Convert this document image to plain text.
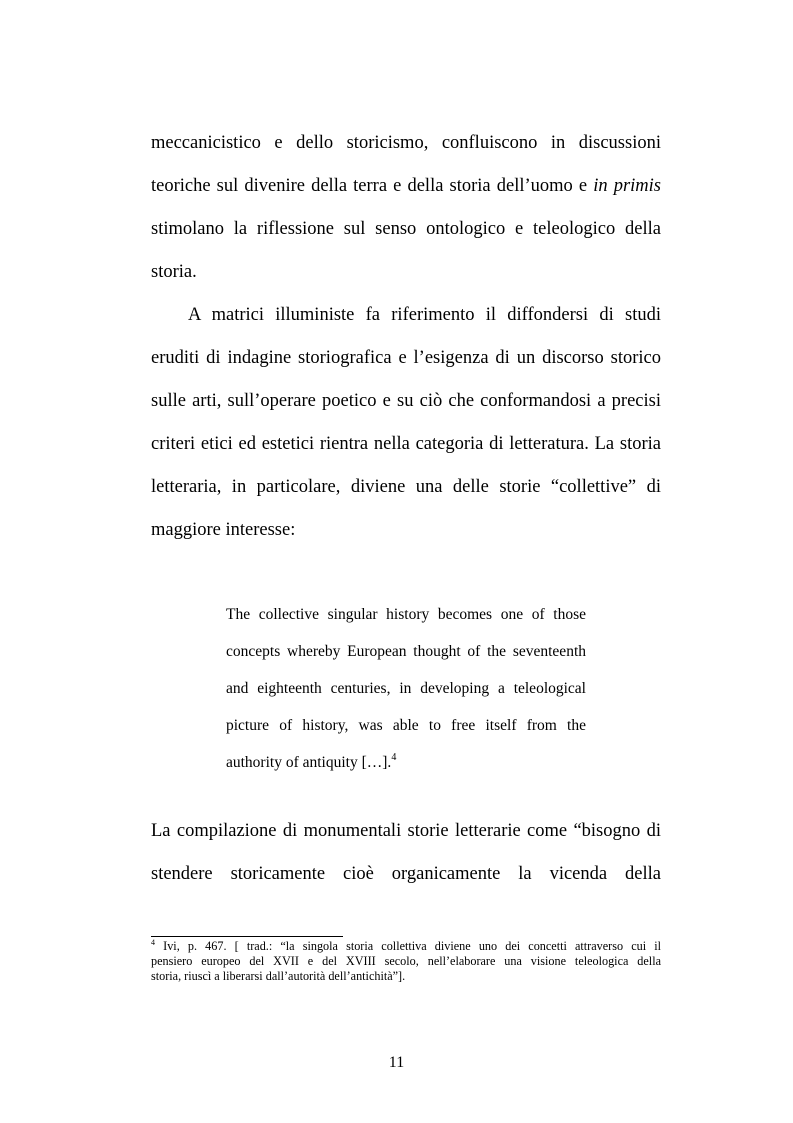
meccanicistico e dello storicismo, confluiscono in discussioni
teoriche sul divenire della terra e della storia dell’uomo e in primis
stimolano la riflessione sul senso ontologico e teleologico della
storia.
A matrici illuministe fa riferimento il diffondersi di studi
eruditi di indagine storiografica e l’esigenza di un discorso storico
sulle arti, sull’operare poetico e su ciò che conformandosi a precisi
criteri etici ed estetici rientra nella categoria di letteratura. La storia
letteraria, in particolare, diviene una delle storie “collettive” di
maggiore interesse:
The collective singular history becomes one of those
concepts whereby European thought of the seventeenth
and eighteenth centuries, in developing a teleological
picture of history, was able to free itself from the
authority of antiquity […].$^4$
La compilazione di monumentali storie letterarie come “bisogno di
stendere storicamente cioè organicamente la vicenda della
$^4$ Ivi, p. 467. [ trad.: “la singola storia collettiva diviene uno dei concetti attraverso cui il
pensiero europeo del XVII e del XVIII secolo, nell’elaborare una visione teleologica della
storia, riuscì a liberarsi dall’autorità dell’antichità”].
11
